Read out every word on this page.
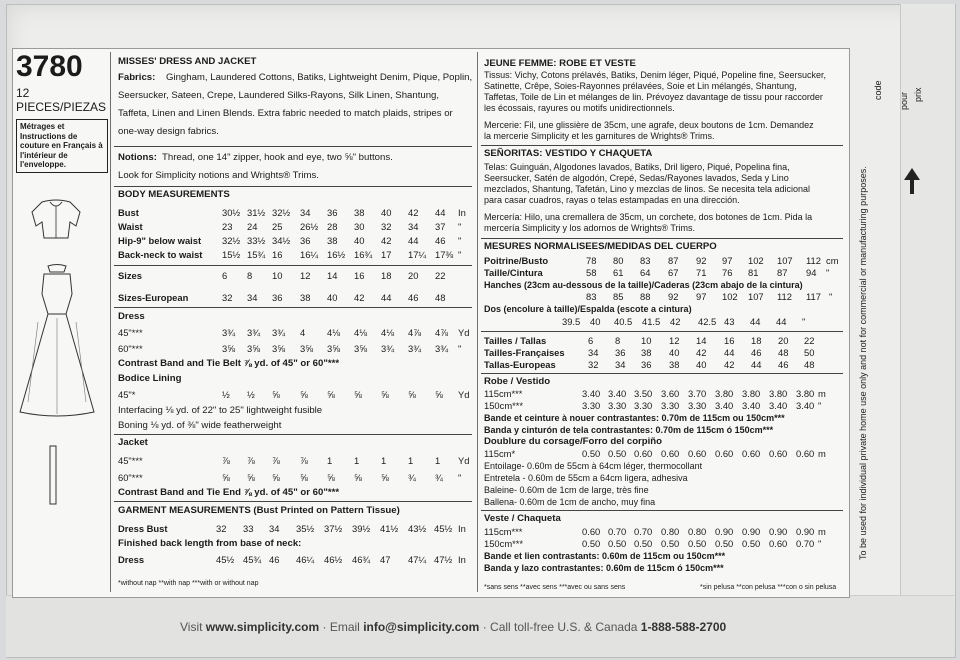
3780
12 PIECES/PIEZAS
Métrages et Instructions de couture en Français à l'intérieur de l'enveloppe.
MISSES' DRESS AND JACKET
Fabrics: Gingham, Laundered Cottons, Batiks, Lightweight Denim, Pique, Poplin,
Seersucker, Sateen, Crepe, Laundered Silks-Rayons, Silk Linen, Shantung,
Taffeta, Linen and Linen Blends. Extra fabric needed to match plaids, stripes or
one-way design fabrics.
Notions: Thread, one 14" zipper, hook and eye, two ⅝" buttons.
Look for Simplicity notions and Wrights® Trims.
BODY MEASUREMENTS
Bust	30½ 31½ 32½ 34 36 38 40 42 44 In
Waist	23 24 25 26½ 28 30 32 34 37 "
Hip-9" below waist 32½ 33½ 34½ 36 38 40 42 44 46 "
Back-neck to waist 15½ 15¾ 16 16¼ 16½ 16¾ 17 17¼ 17⅜ "
Sizes	6 8 10 12 14 16 18 20 22
Sizes-European	32 34 36 38 40 42 44 46 48
Dress
45"***	3¾ 3¾ 3¾ 4 4⅛ 4⅛ 4⅛ 4⅞ 4⅞ Yd
60"***	3⅝ 3⅝ 3⅝ 3⅝ 3⅝ 3⅝ 3¾ 3¾ 3¾ "
Contrast Band and Tie Belt ⅞ yd. of 45" or 60"***
Bodice Lining
45"*	½ ½ ⅝ ⅝ ⅝ ⅝ ⅝ ⅝ ⅝ Yd
Interfacing ⅛ yd. of 22" to 25" lightweight fusible
Boning ⅛ yd. of ⅜" wide featherweight
Jacket
45"***	⅞ ⅞ ⅞ ⅞ 1 1 1 1 1 Yd
60"***	⅝ ⅝ ⅝ ⅝ ⅝ ⅝ ⅝ ¾ ¾ "
Contrast Band and Tie End ⅞ yd. of 45" or 60"***
GARMENT MEASUREMENTS (Bust Printed on Pattern Tissue)
Dress Bust	32 33 34 35½ 37½ 39½ 41½ 43½ 45½ In
Finished back length from base of neck:
Dress	45½ 45¾ 46 46¼ 46½ 46¾ 47 47¼ 47½ In
*without nap **with nap ***with or without nap
JEUNE FEMME: ROBE ET VESTE
Tissus: Vichy, Cotons prélavés, Batiks, Denim léger, Piqué, Popeline fine, Seersucker,
Satinette, Crêpe, Soies-Rayonnes prélavées, Soie et Lin mélangés, Shantung,
Taffetas, Toile de Lin et mélanges de lin. Prévoyez davantage de tissu pour raccorder
les écossais, rayures ou motifs unidirectionnels.
Mercerie: Fil, une glissière de 35cm, une agrafe, deux boutons de 1cm. Demandez
la mercerie Simplicity et les garnitures de Wrights® Trims.
SEÑORITAS: VESTIDO Y CHAQUETA
Telas: Guinguán, Algodones lavados, Batiks, Dril ligero, Piqué, Popelina fina,
Seersucker, Satén de algodón, Crepé, Sedas/Rayones lavados, Seda y Lino
mezclados, Shantung, Tafetán, Lino y mezclas de linos. Se necesita tela adicional
para casar cuadros, rayas o telas estampadas en una dirección.
Mercería: Hilo, una cremallera de 35cm, un corchete, dos botones de 1cm. Pida la
mercería Simplicity y los adornos de Wrights® Trims.
MESURES NORMALISEES/MEDIDAS DEL CUERPO
Poitrine/Busto	78 80 83 87 92 97 102 107 112 cm
Taille/Cintura	58 61 64 67 71 76 81 87 94 "
Hanches (23cm au-dessous de la taille)/Caderas (23cm abajo de la cintura)
83 85 88 92 97 102 107 112 117 "
Dos (encolure à taille)/Espalda (escote a cintura)
39.5 40 40.5 41.5 42 42.5 43 44 44 "
Tailles / Tallas	6 8 10 12 14 16 18 20 22
Tailles-Françaises 34 36 38 40 42 44 46 48 50
Tallas-Europeas	32 34 36 38 40 42 44 46 48
Robe / Vestido
115cm***	3.40 3.40 3.50 3.60 3.70 3.80 3.80 3.80 3.80 m
150cm***	3.30 3.30 3.30 3.30 3.30 3.40 3.40 3.40 3.40 "
Bande et ceinture à nouer contrastantes: 0.70m de 115cm ou 150cm***
Banda y cinturón de tela contrastantes: 0.70m de 115cm ó 150cm***
Doublure du corsage/Forro del corpiño
115cm*	0.50 0.50 0.60 0.60 0.60 0.60 0.60 0.60 0.60 m
Entoilage- 0.60m de 55cm à 64cm léger, thermocollant
Entretela - 0.60m de 55cm a 64cm ligera, adhesiva
Baleine- 0.60m de 1cm de large, très fine
Ballena- 0.60m de 1cm de ancho, muy fina
Veste / Chaqueta
115cm***	0.60 0.70 0.70 0.80 0.80 0.90 0.90 0.90 0.90 m
150cm***	0.50 0.50 0.50 0.50 0.50 0.50 0.50 0.60 0.70 "
Bande et lien contrastants: 0.60m de 115cm ou 150cm***
Banda y lazo contrastantes: 0.60m de 115cm ó 150cm***
*sans sens **avec sens ***avec ou sans sens	*sin pelusa **con pelusa ***con o sin pelusa
To be used for individual private home use only and not for commercial or manufacturing purposes.
code
pour prix
Visit www.simplicity.com · Email info@simplicity.com · Call toll-free U.S. & Canada 1-888-588-2700
